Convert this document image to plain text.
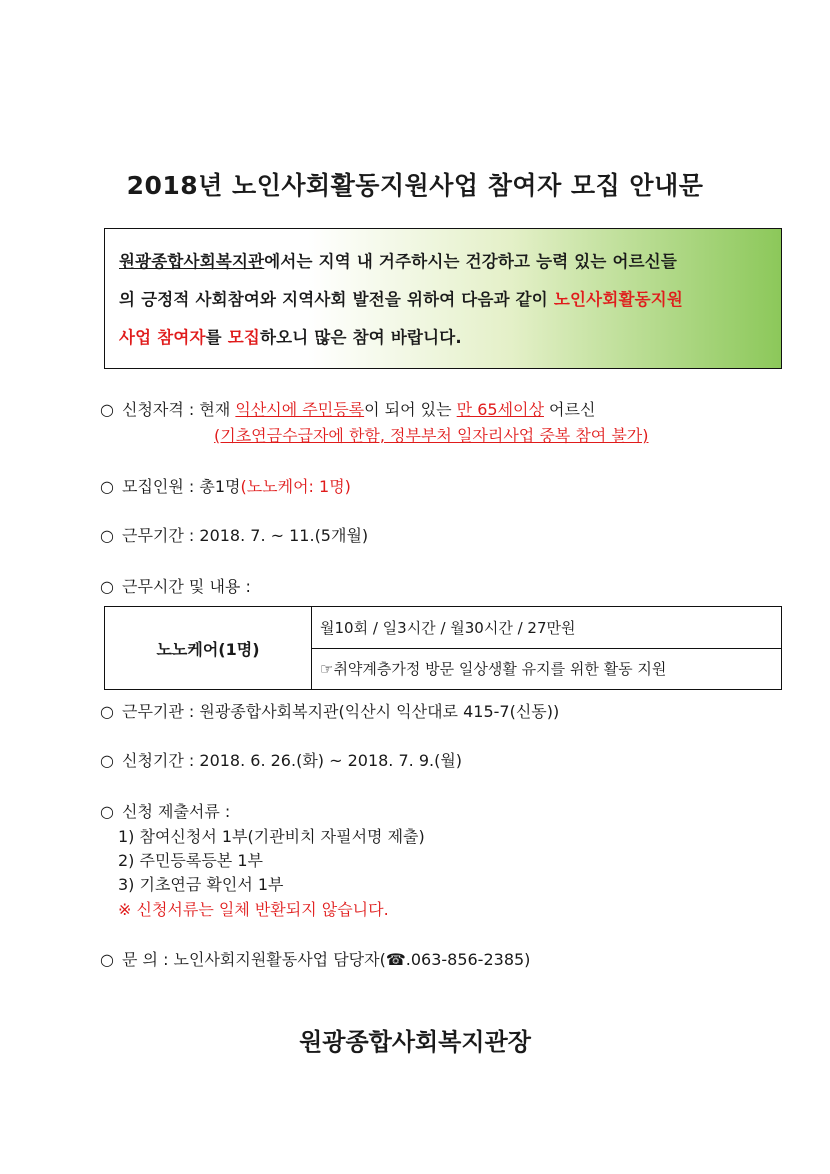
2018년 노인사회활동지원사업 참여자 모집 안내문
원광종합사회복지관에서는 지역 내 거주하시는 건강하고 능력 있는 어르신들
의 긍정적 사회참여와 지역사회 발전을 위하여 다음과 같이 노인사회활동지원
사업 참여자를 모집하오니 많은 참여 바랍니다.
○ 신청자격 : 현재 익산시에 주민등록이 되어 있는 만 65세이상 어르신
(기초연금수급자에 한함, 정부부처 일자리사업 중복 참여 불가)
○ 모집인원 : 총1명(노노케어: 1명)
○ 근무기간 : 2018. 7. ~ 11.(5개월)
○ 근무시간 및 내용 :
노노케어(1명)	월10회 / 일3시간 / 월30시간 / 27만원
☞취약계층가정 방문 일상생활 유지를 위한 활동 지원
○ 근무기관 : 원광종합사회복지관(익산시 익산대로 415-7(신동))
○ 신청기간 : 2018. 6. 26.(화) ~ 2018. 7. 9.(월)
○ 신청 제출서류 :
1) 참여신청서 1부(기관비치 자필서명 제출)
2) 주민등록등본 1부
3) 기초연금 확인서 1부
※ 신청서류는 일체 반환되지 않습니다.
○ 문 의 : 노인사회지원활동사업 담당자(☎.063-856-2385)
원광종합사회복지관장
